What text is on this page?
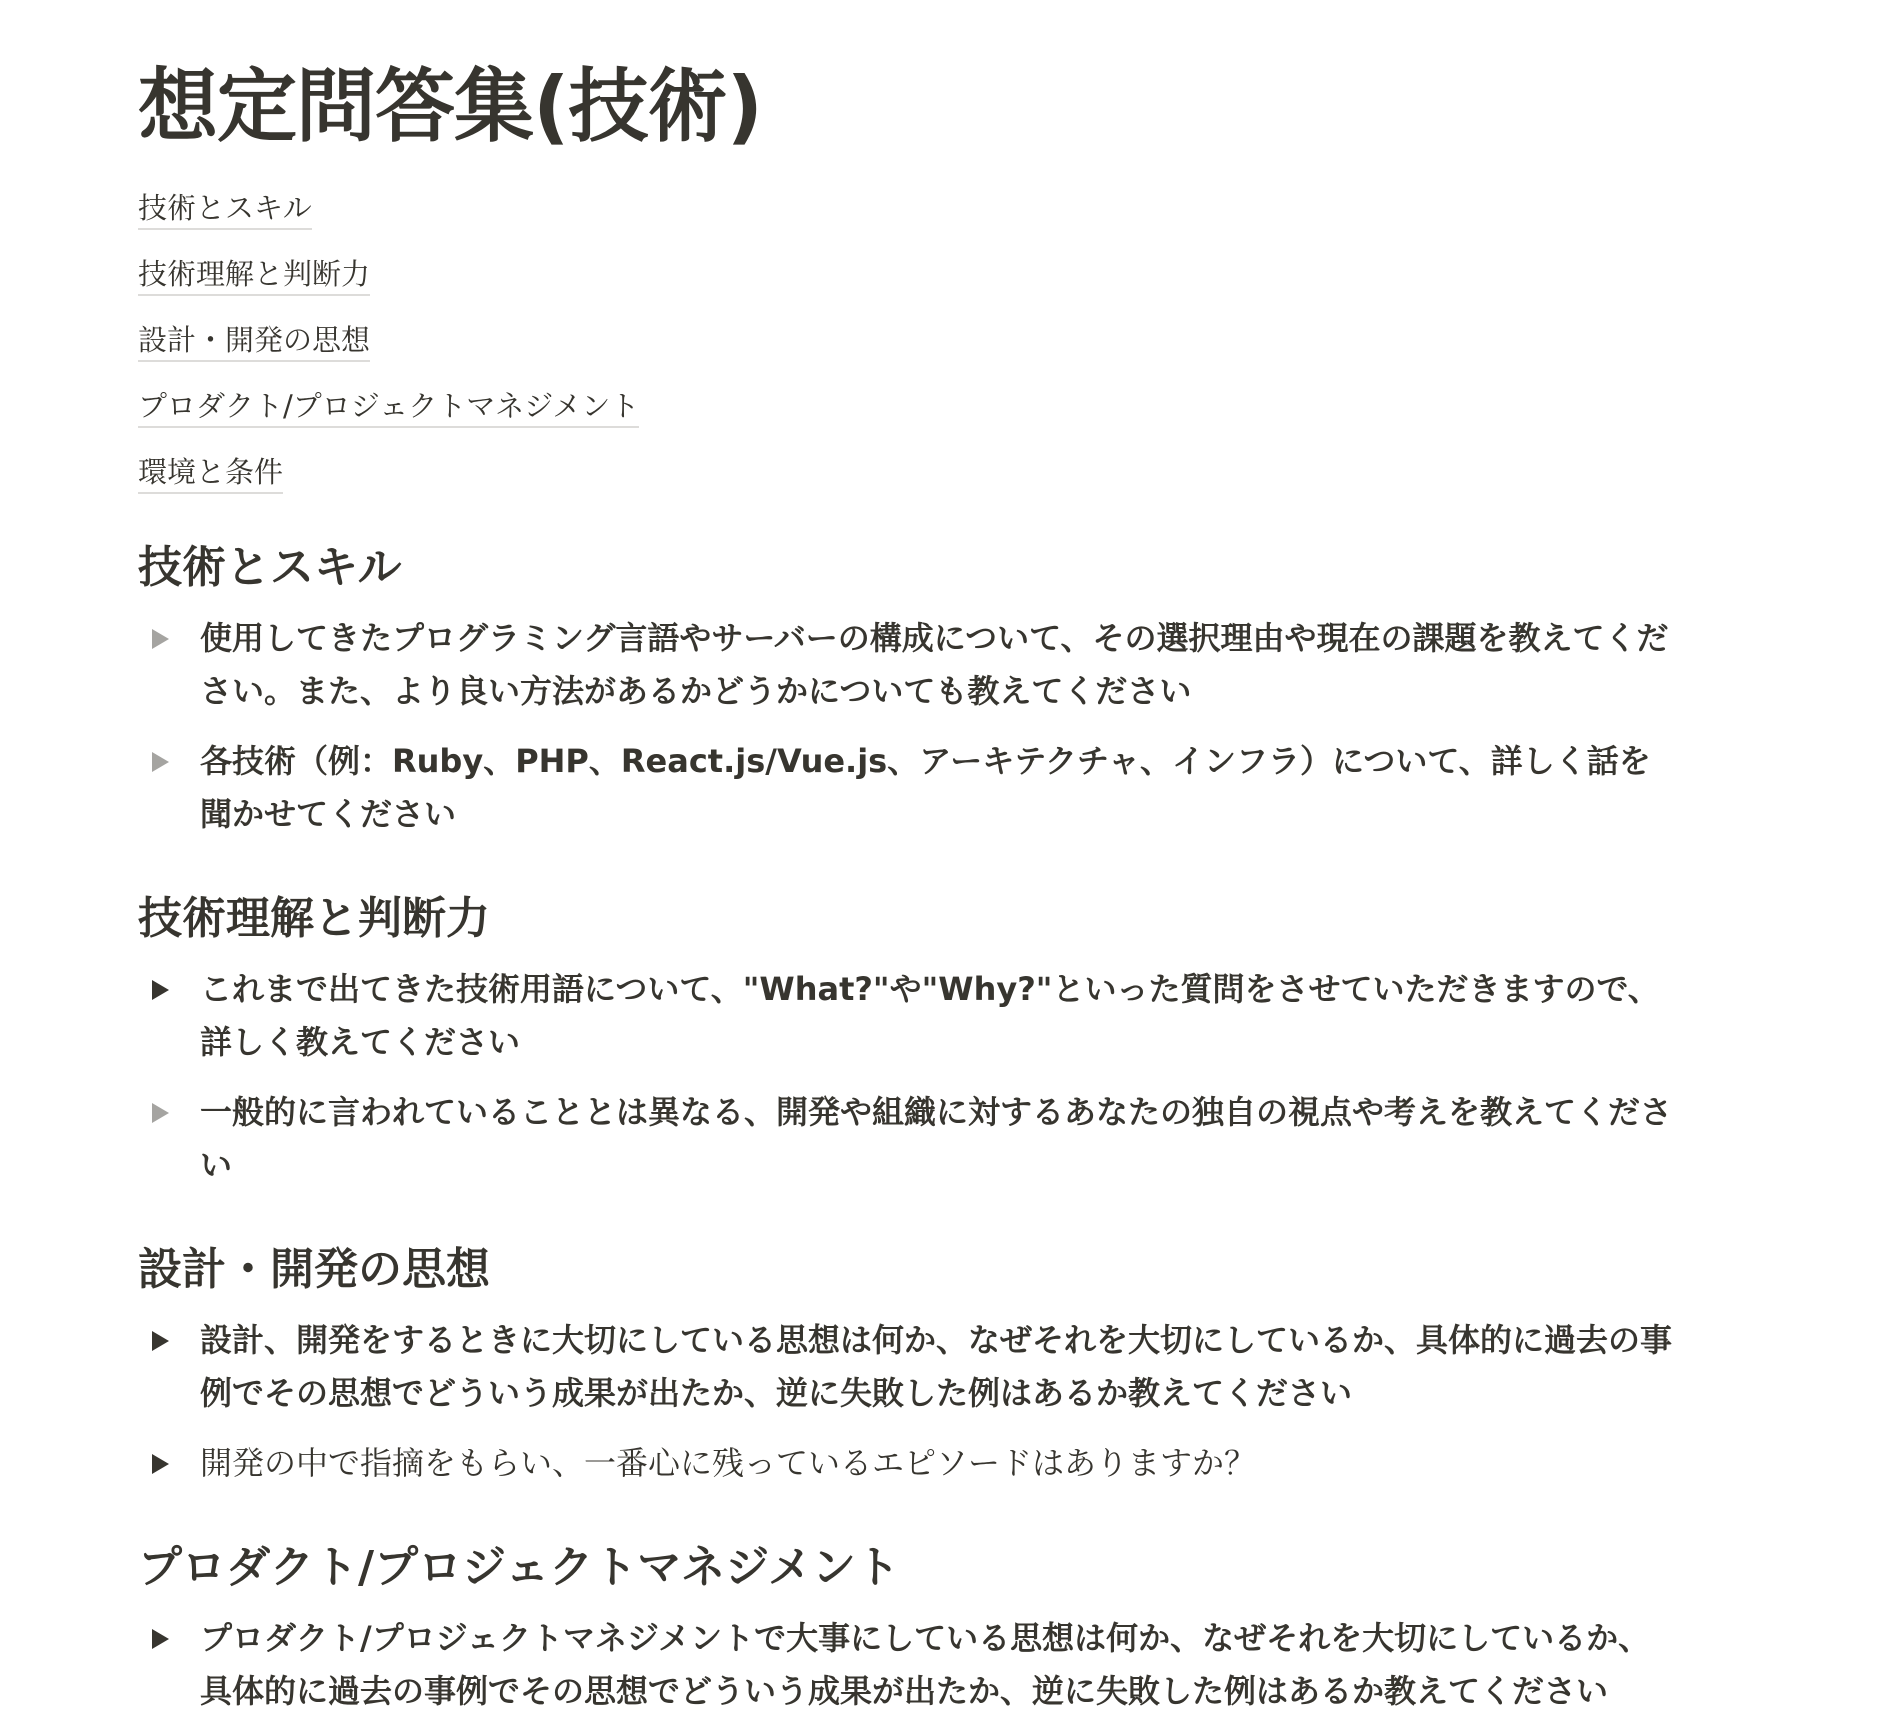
想定問答集(技術)
技術とスキル
技術理解と判断力
設計・開発の思想
プロダクト/プロジェクトマネジメント
環境と条件
技術とスキル
使用してきたプログラミング言語やサーバーの構成について、その選択理由や現在の課題を教えてください。また、より良い方法があるかどうかについても教えてください
各技術（例：Ruby、PHP、React.js/Vue.js、アーキテクチャ、インフラ）について、詳しく話を聞かせてください
技術理解と判断力
これまで出てきた技術用語について、"What?"や"Why?"といった質問をさせていただきますので、詳しく教えてください
一般的に言われていることとは異なる、開発や組織に対するあなたの独自の視点や考えを教えてください
設計・開発の思想
設計、開発をするときに大切にしている思想は何か、なぜそれを大切にしているか、具体的に過去の事例でその思想でどういう成果が出たか、逆に失敗した例はあるか教えてください
開発の中で指摘をもらい、一番心に残っているエピソードはありますか？
プロダクト/プロジェクトマネジメント
プロダクト/プロジェクトマネジメントで大事にしている思想は何か、なぜそれを大切にしているか、具体的に過去の事例でその思想でどういう成果が出たか、逆に失敗した例はあるか教えてください
